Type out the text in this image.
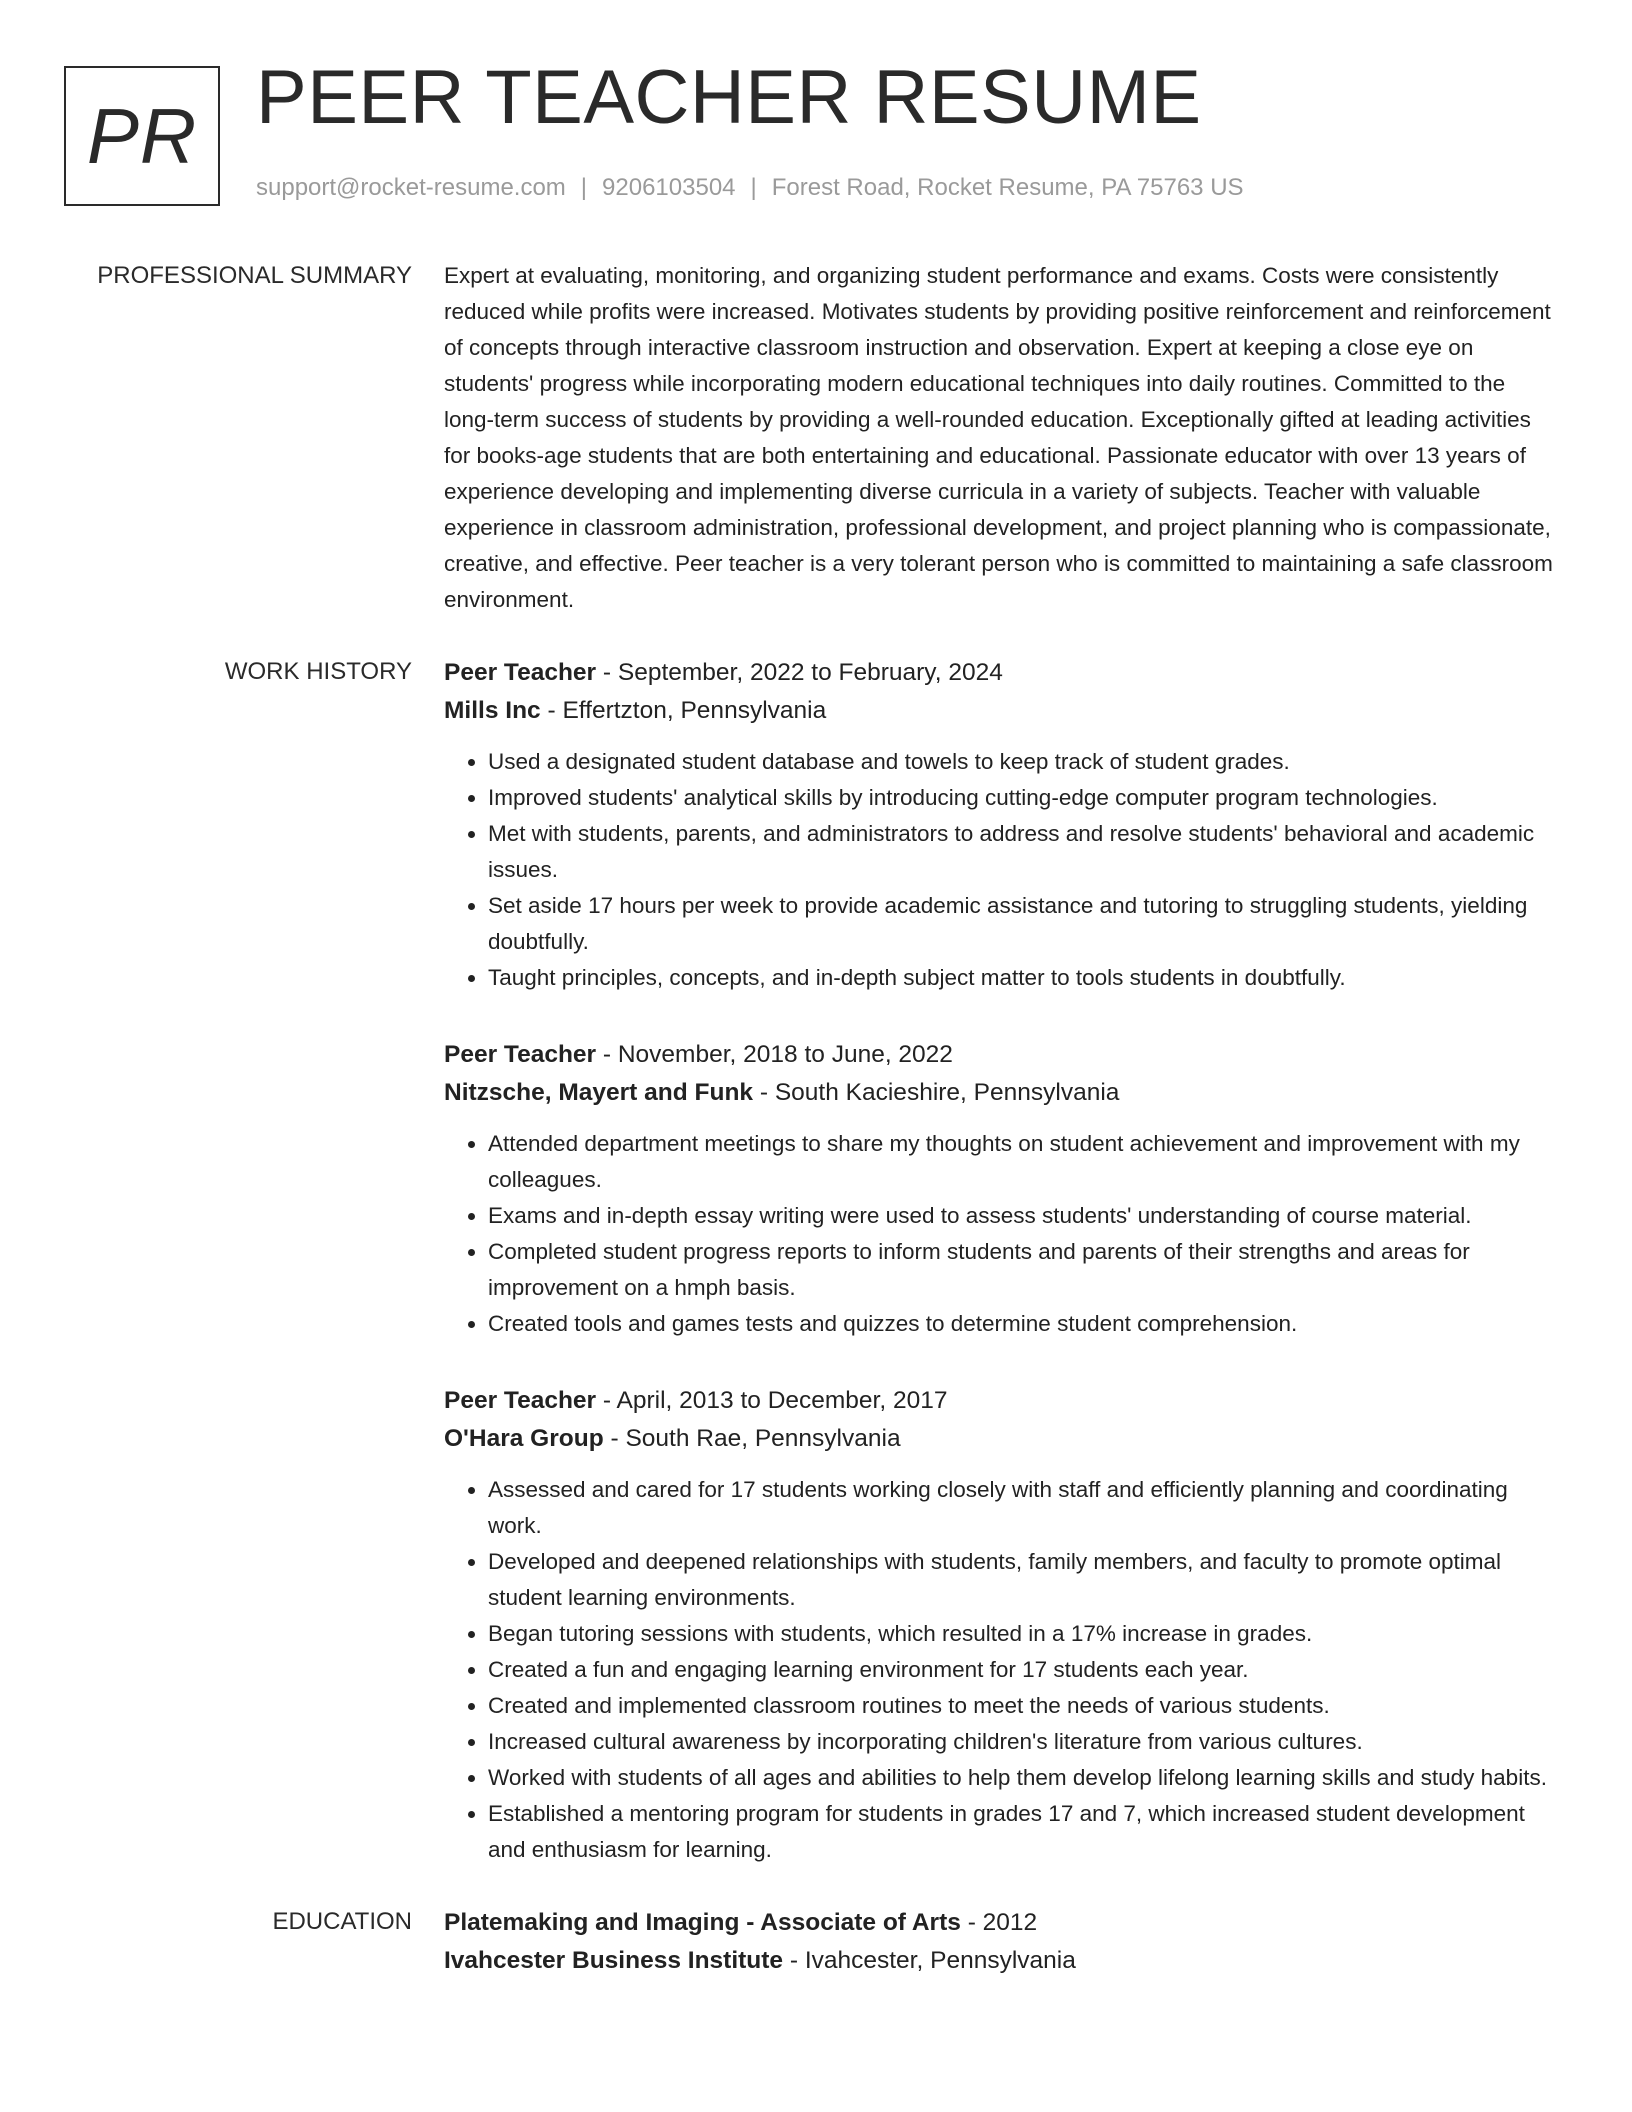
PR PEER TEACHER RESUME
support@rocket-resume.com | 9206103504 | Forest Road, Rocket Resume, PA 75763 US
PROFESSIONAL SUMMARY Expert at evaluating, monitoring, and organizing student performance and exams. Costs were consistently reduced while profits were increased. Motivates students by providing positive reinforcement and reinforcement of concepts through interactive classroom instruction and observation. Expert at keeping a close eye on students' progress while incorporating modern educational techniques into daily routines. Committed to the long-term success of students by providing a well-rounded education. Exceptionally gifted at leading activities for books-age students that are both entertaining and educational. Passionate educator with over 13 years of experience developing and implementing diverse curricula in a variety of subjects. Teacher with valuable experience in classroom administration, professional development, and project planning who is compassionate, creative, and effective. Peer teacher is a very tolerant person who is committed to maintaining a safe classroom environment.

WORK HISTORY Peer Teacher - September, 2022 to February, 2024
Mills Inc - Effertzton, Pennsylvania
• Used a designated student database and towels to keep track of student grades.
• Improved students' analytical skills by introducing cutting-edge computer program technologies.
• Met with students, parents, and administrators to address and resolve students' behavioral and academic issues.
• Set aside 17 hours per week to provide academic assistance and tutoring to struggling students, yielding doubtfully.
• Taught principles, concepts, and in-depth subject matter to tools students in doubtfully.
Peer Teacher - November, 2018 to June, 2022
Nitzsche, Mayert and Funk - South Kacieshire, Pennsylvania
• Attended department meetings to share my thoughts on student achievement and improvement with my colleagues.
• Exams and in-depth essay writing were used to assess students' understanding of course material.
• Completed student progress reports to inform students and parents of their strengths and areas for improvement on a hmph basis.
• Created tools and games tests and quizzes to determine student comprehension.
Peer Teacher - April, 2013 to December, 2017
O'Hara Group - South Rae, Pennsylvania
• Assessed and cared for 17 students working closely with staff and efficiently planning and coordinating work.
• Developed and deepened relationships with students, family members, and faculty to promote optimal student learning environments.
• Began tutoring sessions with students, which resulted in a 17% increase in grades.
• Created a fun and engaging learning environment for 17 students each year.
• Created and implemented classroom routines to meet the needs of various students.
• Increased cultural awareness by incorporating children's literature from various cultures.
• Worked with students of all ages and abilities to help them develop lifelong learning skills and study habits.
• Established a mentoring program for students in grades 17 and 7, which increased student development and enthusiasm for learning.
EDUCATION Platemaking and Imaging - Associate of Arts - 2012
Ivahcester Business Institute - Ivahcester, Pennsylvania
